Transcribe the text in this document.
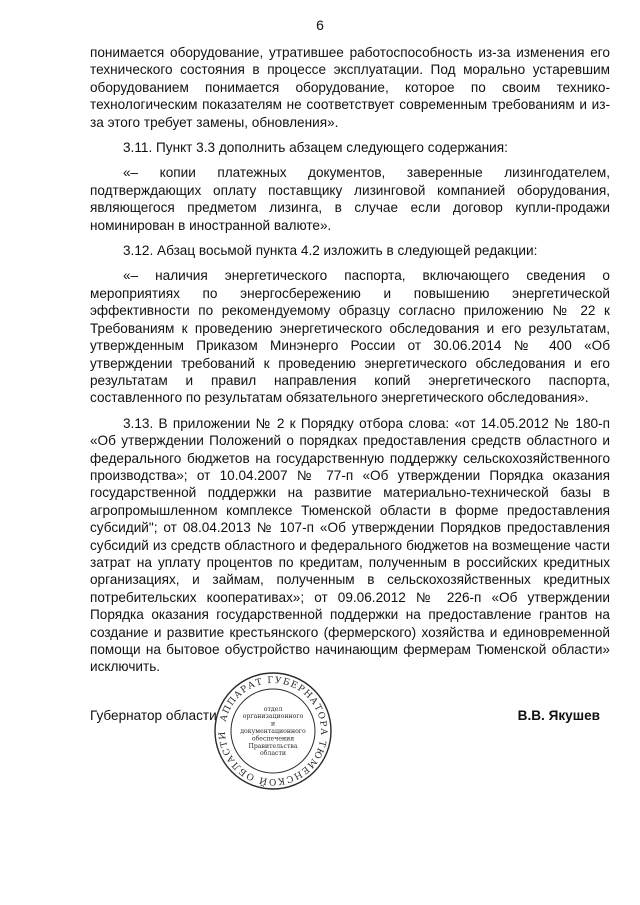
6

понимается оборудование, утратившее работоспособность из-за изменения его технического состояния в процессе эксплуатации. Под морально устаревшим оборудованием понимается оборудование, которое по своим технико-технологическим показателям не соответствует современным требованиям и из-за этого требует замены, обновления».

3.11. Пункт 3.3 дополнить абзацем следующего содержания:

«– копии платежных документов, заверенные лизингодателем, подтверждающих оплату поставщику лизинговой компанией оборудования, являющегося предметом лизинга, в случае если договор купли-продажи номинирован в иностранной валюте».

3.12. Абзац восьмой пункта 4.2 изложить в следующей редакции:

«– наличия энергетического паспорта, включающего сведения о мероприятиях по энергосбережению и повышению энергетической эффективности по рекомендуемому образцу согласно приложению № 22 к Требованиям к проведению энергетического обследования и его результатам, утвержденным Приказом Минэнерго России от 30.06.2014 № 400 «Об утверждении требований к проведению энергетического обследования и его результатам и правил направления копий энергетического паспорта, составленного по результатам обязательного энергетического обследования».

3.13. В приложении № 2 к Порядку отбора слова: «от 14.05.2012 № 180-п «Об утверждении Положений о порядках предоставления средств областного и федерального бюджетов на государственную поддержку сельскохозяйственного производства»; от 10.04.2007 № 77-п «Об утверждении Порядка оказания государственной поддержки на развитие материально-технической базы в агропромышленном комплексе Тюменской области в форме предоставления субсидий"; от 08.04.2013 № 107-п «Об утверждении Порядков предоставления субсидий из средств областного и федерального бюджетов на возмещение части затрат на уплату процентов по кредитам, полученным в российских кредитных организациях, и займам, полученным в сельскохозяйственных кредитных потребительских кооперативах»; от 09.06.2012 № 226-п «Об утверждении Порядка оказания государственной поддержки на предоставление грантов на создание и развитие крестьянского (фермерского) хозяйства и единовременной помощи на бытовое обустройство начинающим фермерам Тюменской области» исключить.

Губернатор области	В.В. Якушев
АППАРАТ ГУБЕРНАТОРА ТЮМЕНСКОЙ ОБЛАСТИ
отдел
организационного
и
документационного
обеспечения
Правительства
области
